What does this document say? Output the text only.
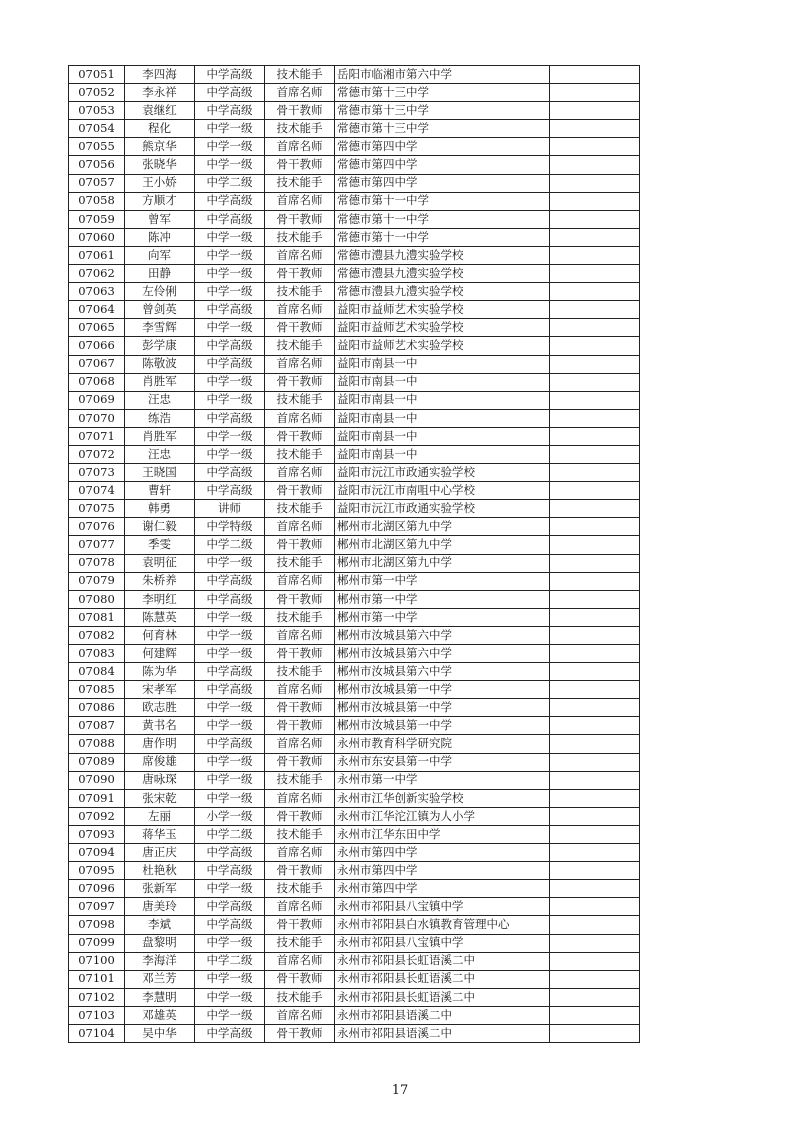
07051	李四海	中学高级	技术能手	岳阳市临湘市第六中学	
07052	李永祥	中学高级	首席名师	常德市第十三中学	
07053	袁继红	中学高级	骨干教师	常德市第十三中学	
07054	程化	中学一级	技术能手	常德市第十三中学	
07055	熊京华	中学一级	首席名师	常德市第四中学	
07056	张晓华	中学一级	骨干教师	常德市第四中学	
07057	王小娇	中学二级	技术能手	常德市第四中学	
07058	方顺才	中学高级	首席名师	常德市第十一中学	
07059	曾军	中学高级	骨干教师	常德市第十一中学	
07060	陈冲	中学一级	技术能手	常德市第十一中学	
07061	向军	中学一级	首席名师	常德市澧县九澧实验学校	
07062	田静	中学一级	骨干教师	常德市澧县九澧实验学校	
07063	左伶俐	中学一级	技术能手	常德市澧县九澧实验学校	
07064	曾剑英	中学高级	首席名师	益阳市益师艺术实验学校	
07065	李雪辉	中学一级	骨干教师	益阳市益师艺术实验学校	
07066	彭学康	中学高级	技术能手	益阳市益师艺术实验学校	
07067	陈敬波	中学高级	首席名师	益阳市南县一中	
07068	肖胜军	中学一级	骨干教师	益阳市南县一中	
07069	汪忠	中学一级	技术能手	益阳市南县一中	
07070	练浩	中学高级	首席名师	益阳市南县一中	
07071	肖胜军	中学一级	骨干教师	益阳市南县一中	
07072	汪忠	中学一级	技术能手	益阳市南县一中	
07073	王晓国	中学高级	首席名师	益阳市沅江市政通实验学校	
07074	曹轩	中学高级	骨干教师	益阳市沅江市南咀中心学校	
07075	韩勇	讲师	技术能手	益阳市沅江市政通实验学校	
07076	谢仁毅	中学特级	首席名师	郴州市北湖区第九中学	
07077	季雯	中学二级	骨干教师	郴州市北湖区第九中学	
07078	袁明征	中学一级	技术能手	郴州市北湖区第九中学	
07079	朱桥养	中学高级	首席名师	郴州市第一中学	
07080	李明红	中学高级	骨干教师	郴州市第一中学	
07081	陈慧英	中学一级	技术能手	郴州市第一中学	
07082	何育林	中学一级	首席名师	郴州市汝城县第六中学	
07083	何建辉	中学一级	骨干教师	郴州市汝城县第六中学	
07084	陈为华	中学高级	技术能手	郴州市汝城县第六中学	
07085	宋孝军	中学高级	首席名师	郴州市汝城县第一中学	
07086	欧志胜	中学一级	骨干教师	郴州市汝城县第一中学	
07087	黄书名	中学一级	骨干教师	郴州市汝城县第一中学	
07088	唐作明	中学高级	首席名师	永州市教育科学研究院	
07089	席俊雄	中学一级	骨干教师	永州市东安县第一中学	
07090	唐咏琛	中学一级	技术能手	永州市第一中学	
07091	张宋乾	中学一级	首席名师	永州市江华创新实验学校	
07092	左丽	小学一级	骨干教师	永州市江华沱江镇为人小学	
07093	蒋华玉	中学二级	技术能手	永州市江华东田中学	
07094	唐正庆	中学高级	首席名师	永州市第四中学	
07095	杜艳秋	中学高级	骨干教师	永州市第四中学	
07096	张新军	中学一级	技术能手	永州市第四中学	
07097	唐美玲	中学高级	首席名师	永州市祁阳县八宝镇中学	
07098	李斌	中学高级	骨干教师	永州市祁阳县白水镇教育管理中心	
07099	盘黎明	中学一级	技术能手	永州市祁阳县八宝镇中学	
07100	李海洋	中学二级	首席名师	永州市祁阳县长虹语溪二中	
07101	邓兰芳	中学一级	骨干教师	永州市祁阳县长虹语溪二中	
07102	李慧明	中学一级	技术能手	永州市祁阳县长虹语溪二中	
07103	邓雄英	中学一级	首席名师	永州市祁阳县语溪二中	
07104	吴中华	中学高级	骨干教师	永州市祁阳县语溪二中	
17
